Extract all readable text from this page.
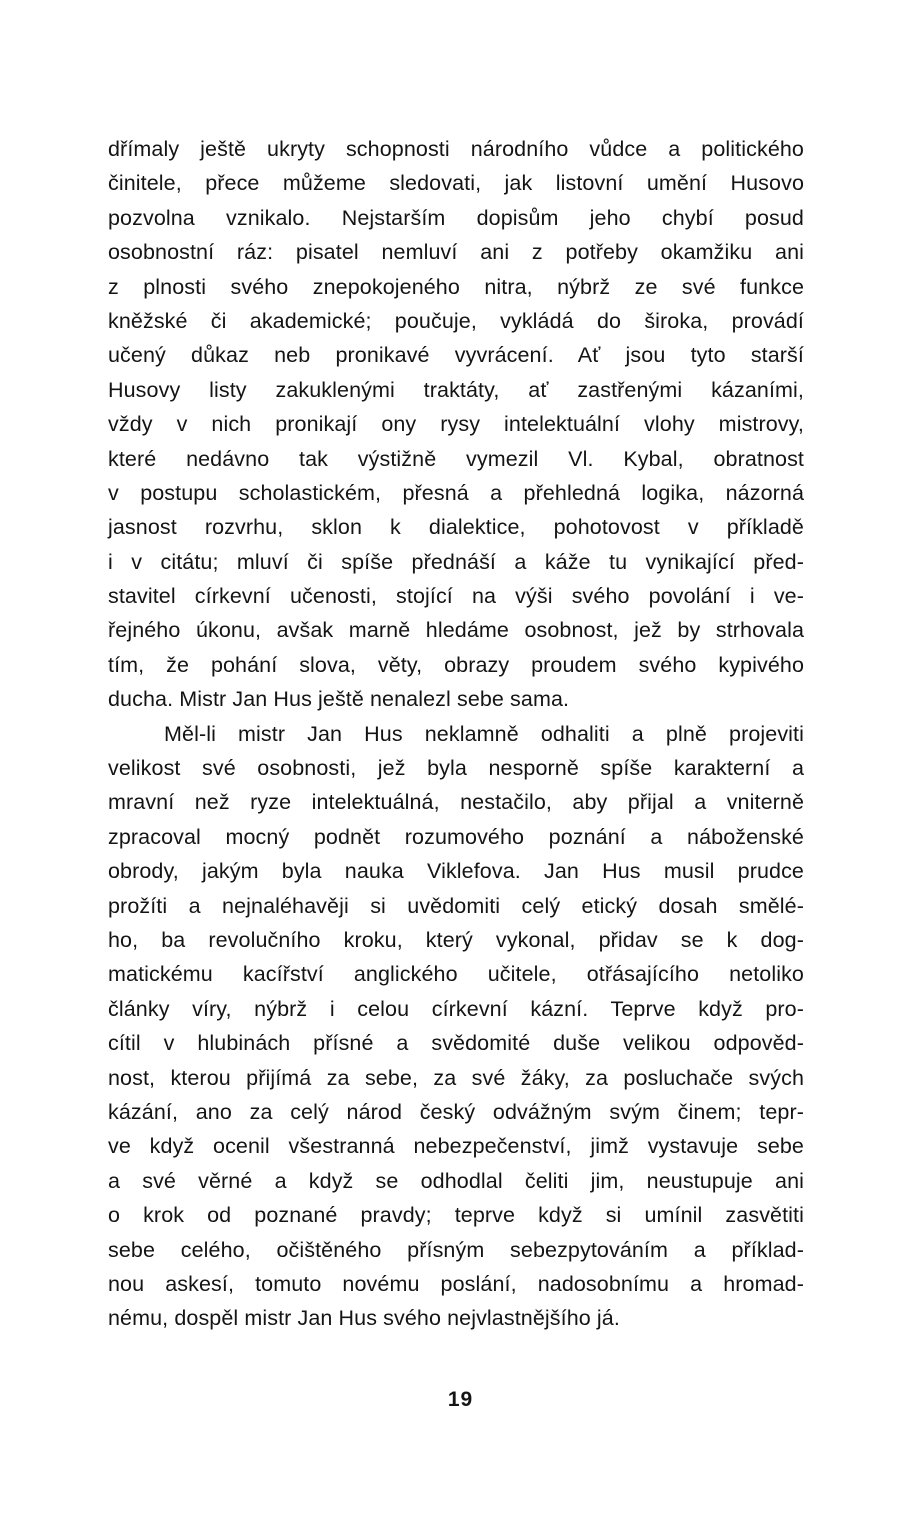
dřímaly ještě ukryty schopnosti národního vůdce a politického
činitele, přece můžeme sledovati, jak listovní umění Husovo
pozvolna vznikalo. Nejstarším dopisům jeho chybí posud
osobnostní ráz: pisatel nemluví ani z potřeby okamžiku ani
z plnosti svého znepokojeného nitra, nýbrž ze své funkce
kněžské či akademické; poučuje, vykládá do široka, provádí
učený důkaz neb pronikavé vyvrácení. Ať jsou tyto starší
Husovy listy zakuklenými traktáty, ať zastřenými kázaními,
vždy v nich pronikají ony rysy intelektuální vlohy mistrovy,
které nedávno tak výstižně vymezil Vl. Kybal, obratnost
v postupu scholastickém, přesná a přehledná logika, názorná
jasnost rozvrhu, sklon k dialektice, pohotovost v příkladě
i v citátu; mluví či spíše přednáší a káže tu vynikající před-
stavitel církevní učenosti, stojící na výši svého povolání i ve-
řejného úkonu, avšak marně hledáme osobnost, jež by strhovala
tím, že pohání slova, věty, obrazy proudem svého kypivého
ducha. Mistr Jan Hus ještě nenalezl sebe sama.
Měl-li mistr Jan Hus neklamně odhaliti a plně projeviti
velikost své osobnosti, jež byla nesporně spíše karakterní a
mravní než ryze intelektuálná, nestačilo, aby přijal a vniterně
zpracoval mocný podnět rozumového poznání a náboženské
obrody, jakým byla nauka Viklefova. Jan Hus musil prudce
prožíti a nejnaléhavěji si uvědomiti celý etický dosah smělé-
ho, ba revolučního kroku, který vykonal, přidav se k dog-
matickému kacířství anglického učitele, otřásajícího netoliko
články víry, nýbrž i celou církevní kázní. Teprve když pro-
cítil v hlubinách přísné a svědomité duše velikou odpověd-
nost, kterou přijímá za sebe, za své žáky, za posluchače svých
kázání, ano za celý národ český odvážným svým činem; tepr-
ve když ocenil všestranná nebezpečenství, jimž vystavuje sebe
a své věrné a když se odhodlal čeliti jim, neustupuje ani
o krok od poznané pravdy; teprve když si umínil zasvětiti
sebe celého, očištěného přísným sebezpytováním a příklad-
nou askesí, tomuto novému poslání, nadosobnímu a hromad-
nému, dospěl mistr Jan Hus svého nejvlastnějšího já.
19
